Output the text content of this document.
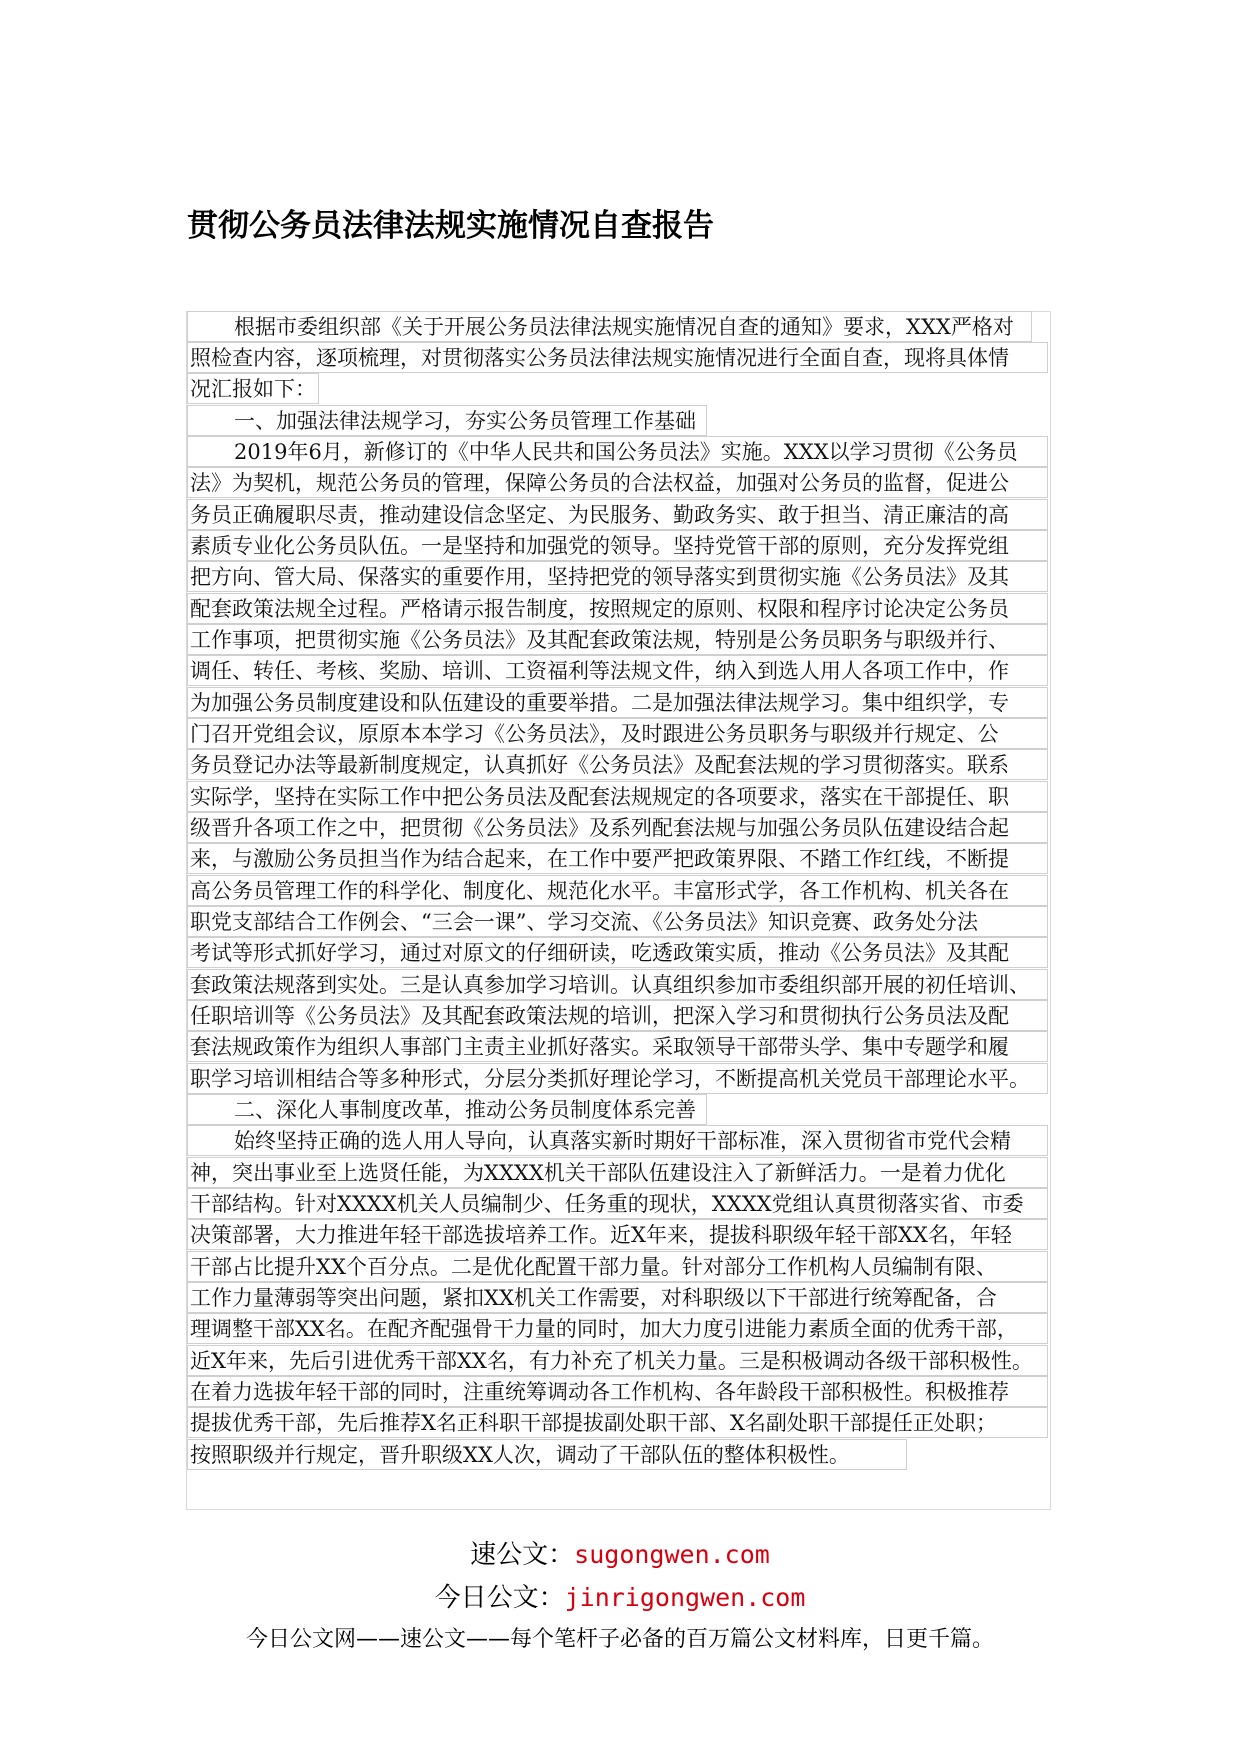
贯彻公务员法律法规实施情况自查报告
根据市委组织部《关于开展公务员法律法规实施情况自查的通知》要求，XXX严格对
照检查内容，逐项梳理，对贯彻落实公务员法律法规实施情况进行全面自查，现将具体情
况汇报如下：
一、加强法律法规学习，夯实公务员管理工作基础
2019年6月，新修订的《中华人民共和国公务员法》实施。XXX以学习贯彻《公务员
法》为契机，规范公务员的管理，保障公务员的合法权益，加强对公务员的监督，促进公
务员正确履职尽责，推动建设信念坚定、为民服务、勤政务实、敢于担当、清正廉洁的高
素质专业化公务员队伍。一是坚持和加强党的领导。坚持党管干部的原则，充分发挥党组
把方向、管大局、保落实的重要作用，坚持把党的领导落实到贯彻实施《公务员法》及其
配套政策法规全过程。严格请示报告制度，按照规定的原则、权限和程序讨论决定公务员
工作事项，把贯彻实施《公务员法》及其配套政策法规，特别是公务员职务与职级并行、
调任、转任、考核、奖励、培训、工资福利等法规文件，纳入到选人用人各项工作中，作
为加强公务员制度建设和队伍建设的重要举措。二是加强法律法规学习。集中组织学，专
门召开党组会议，原原本本学习《公务员法》，及时跟进公务员职务与职级并行规定、公
务员登记办法等最新制度规定，认真抓好《公务员法》及配套法规的学习贯彻落实。联系
实际学，坚持在实际工作中把公务员法及配套法规规定的各项要求，落实在干部提任、职
级晋升各项工作之中，把贯彻《公务员法》及系列配套法规与加强公务员队伍建设结合起
来，与激励公务员担当作为结合起来，在工作中要严把政策界限、不踏工作红线，不断提
高公务员管理工作的科学化、制度化、规范化水平。丰富形式学，各工作机构、机关各在
职党支部结合工作例会、“三会一课”、学习交流、《公务员法》知识竞赛、政务处分法
考试等形式抓好学习，通过对原文的仔细研读，吃透政策实质，推动《公务员法》及其配
套政策法规落到实处。三是认真参加学习培训。认真组织参加市委组织部开展的初任培训、
任职培训等《公务员法》及其配套政策法规的培训，把深入学习和贯彻执行公务员法及配
套法规政策作为组织人事部门主责主业抓好落实。采取领导干部带头学、集中专题学和履
职学习培训相结合等多种形式，分层分类抓好理论学习，不断提高机关党员干部理论水平。
二、深化人事制度改革，推动公务员制度体系完善
始终坚持正确的选人用人导向，认真落实新时期好干部标准，深入贯彻省市党代会精
神，突出事业至上选贤任能，为XXXX机关干部队伍建设注入了新鲜活力。一是着力优化
干部结构。针对XXXX机关人员编制少、任务重的现状，XXXX党组认真贯彻落实省、市委
决策部署，大力推进年轻干部选拔培养工作。近X年来，提拔科职级年轻干部XX名，年轻
干部占比提升XX个百分点。二是优化配置干部力量。针对部分工作机构人员编制有限、
工作力量薄弱等突出问题，紧扣XX机关工作需要，对科职级以下干部进行统筹配备，合
理调整干部XX名。在配齐配强骨干力量的同时，加大力度引进能力素质全面的优秀干部，
近X年来，先后引进优秀干部XX名，有力补充了机关力量。三是积极调动各级干部积极性。
在着力选拔年轻干部的同时，注重统筹调动各工作机构、各年龄段干部积极性。积极推荐
提拔优秀干部，先后推荐X名正科职干部提拔副处职干部、X名副处职干部提任正处职；
按照职级并行规定，晋升职级XX人次，调动了干部队伍的整体积极性。
速公文：sugongwen.com
今日公文：jinrigongwen.com
今日公文网——速公文——每个笔杆子必备的百万篇公文材料库，日更千篇。
